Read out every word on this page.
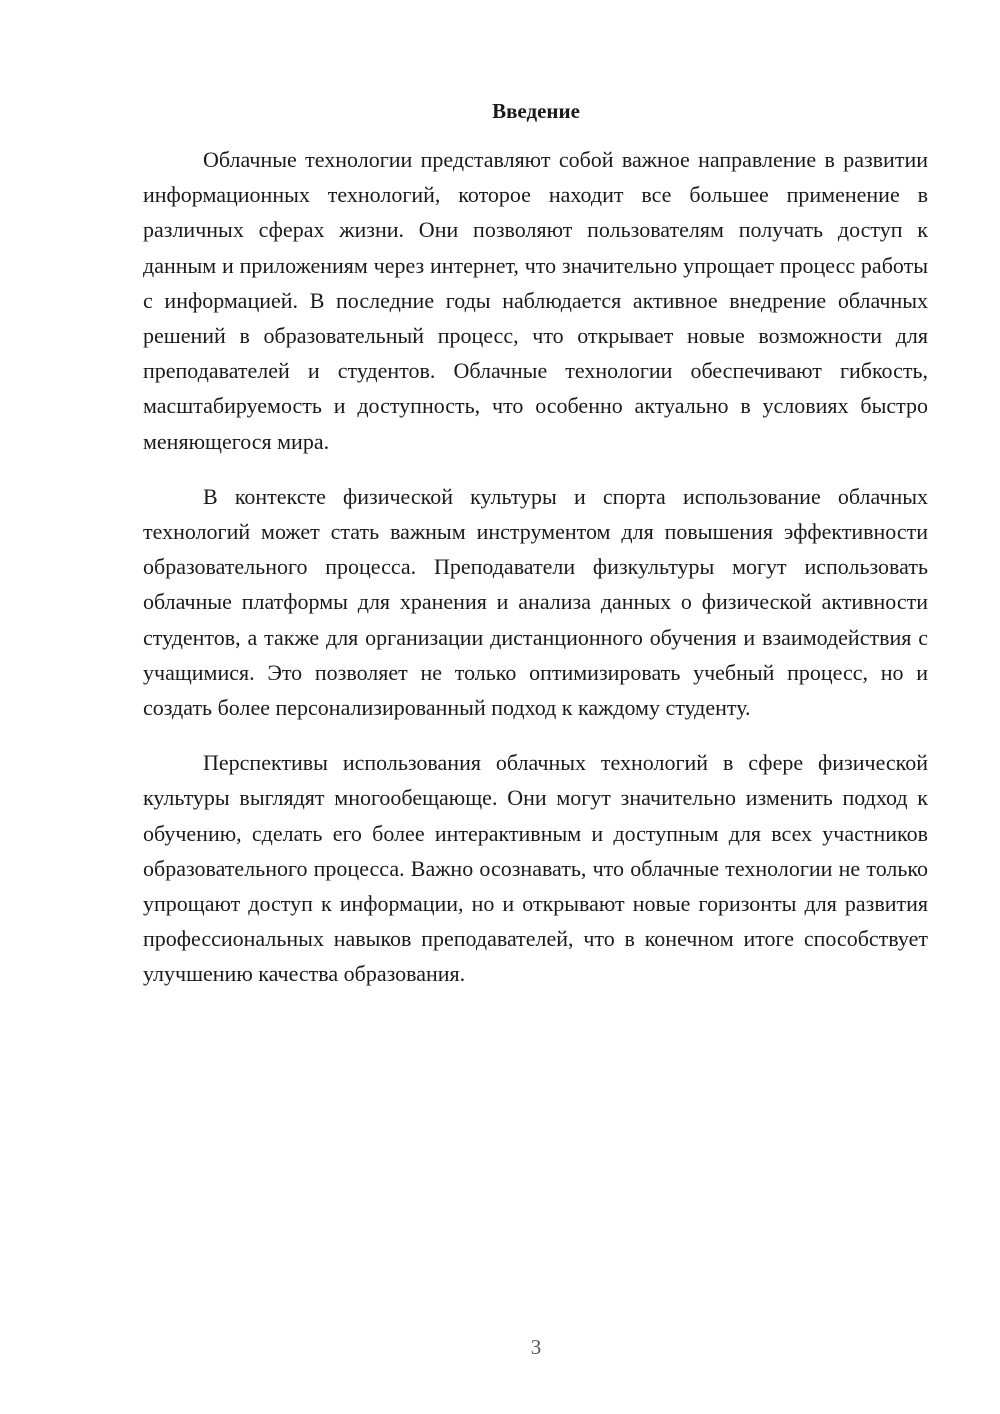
Введение

Облачные технологии представляют собой важное направление в развитии информационных технологий, которое находит все большее применение в различных сферах жизни. Они позволяют пользователям получать доступ к данным и приложениям через интернет, что значительно упрощает процесс работы с информацией. В последние годы наблюдается активное внедрение облачных решений в образовательный процесс, что открывает новые возможности для преподавателей и студентов. Облачные технологии обеспечивают гибкость, масштабируемость и доступность, что особенно актуально в условиях быстро меняющегося мира.

В контексте физической культуры и спорта использование облачных технологий может стать важным инструментом для повышения эффективности образовательного процесса. Преподаватели физкультуры могут использовать облачные платформы для хранения и анализа данных о физической активности студентов, а также для организации дистанционного обучения и взаимодействия с учащимися. Это позволяет не только оптимизировать учебный процесс, но и создать более персонализированный подход к каждому студенту.

Перспективы использования облачных технологий в сфере физической культуры выглядят многообещающе. Они могут значительно изменить подход к обучению, сделать его более интерактивным и доступным для всех участников образовательного процесса. Важно осознавать, что облачные технологии не только упрощают доступ к информации, но и открывают новые горизонты для развития профессиональных навыков преподавателей, что в конечном итоге способствует улучшению качества образования.

3
